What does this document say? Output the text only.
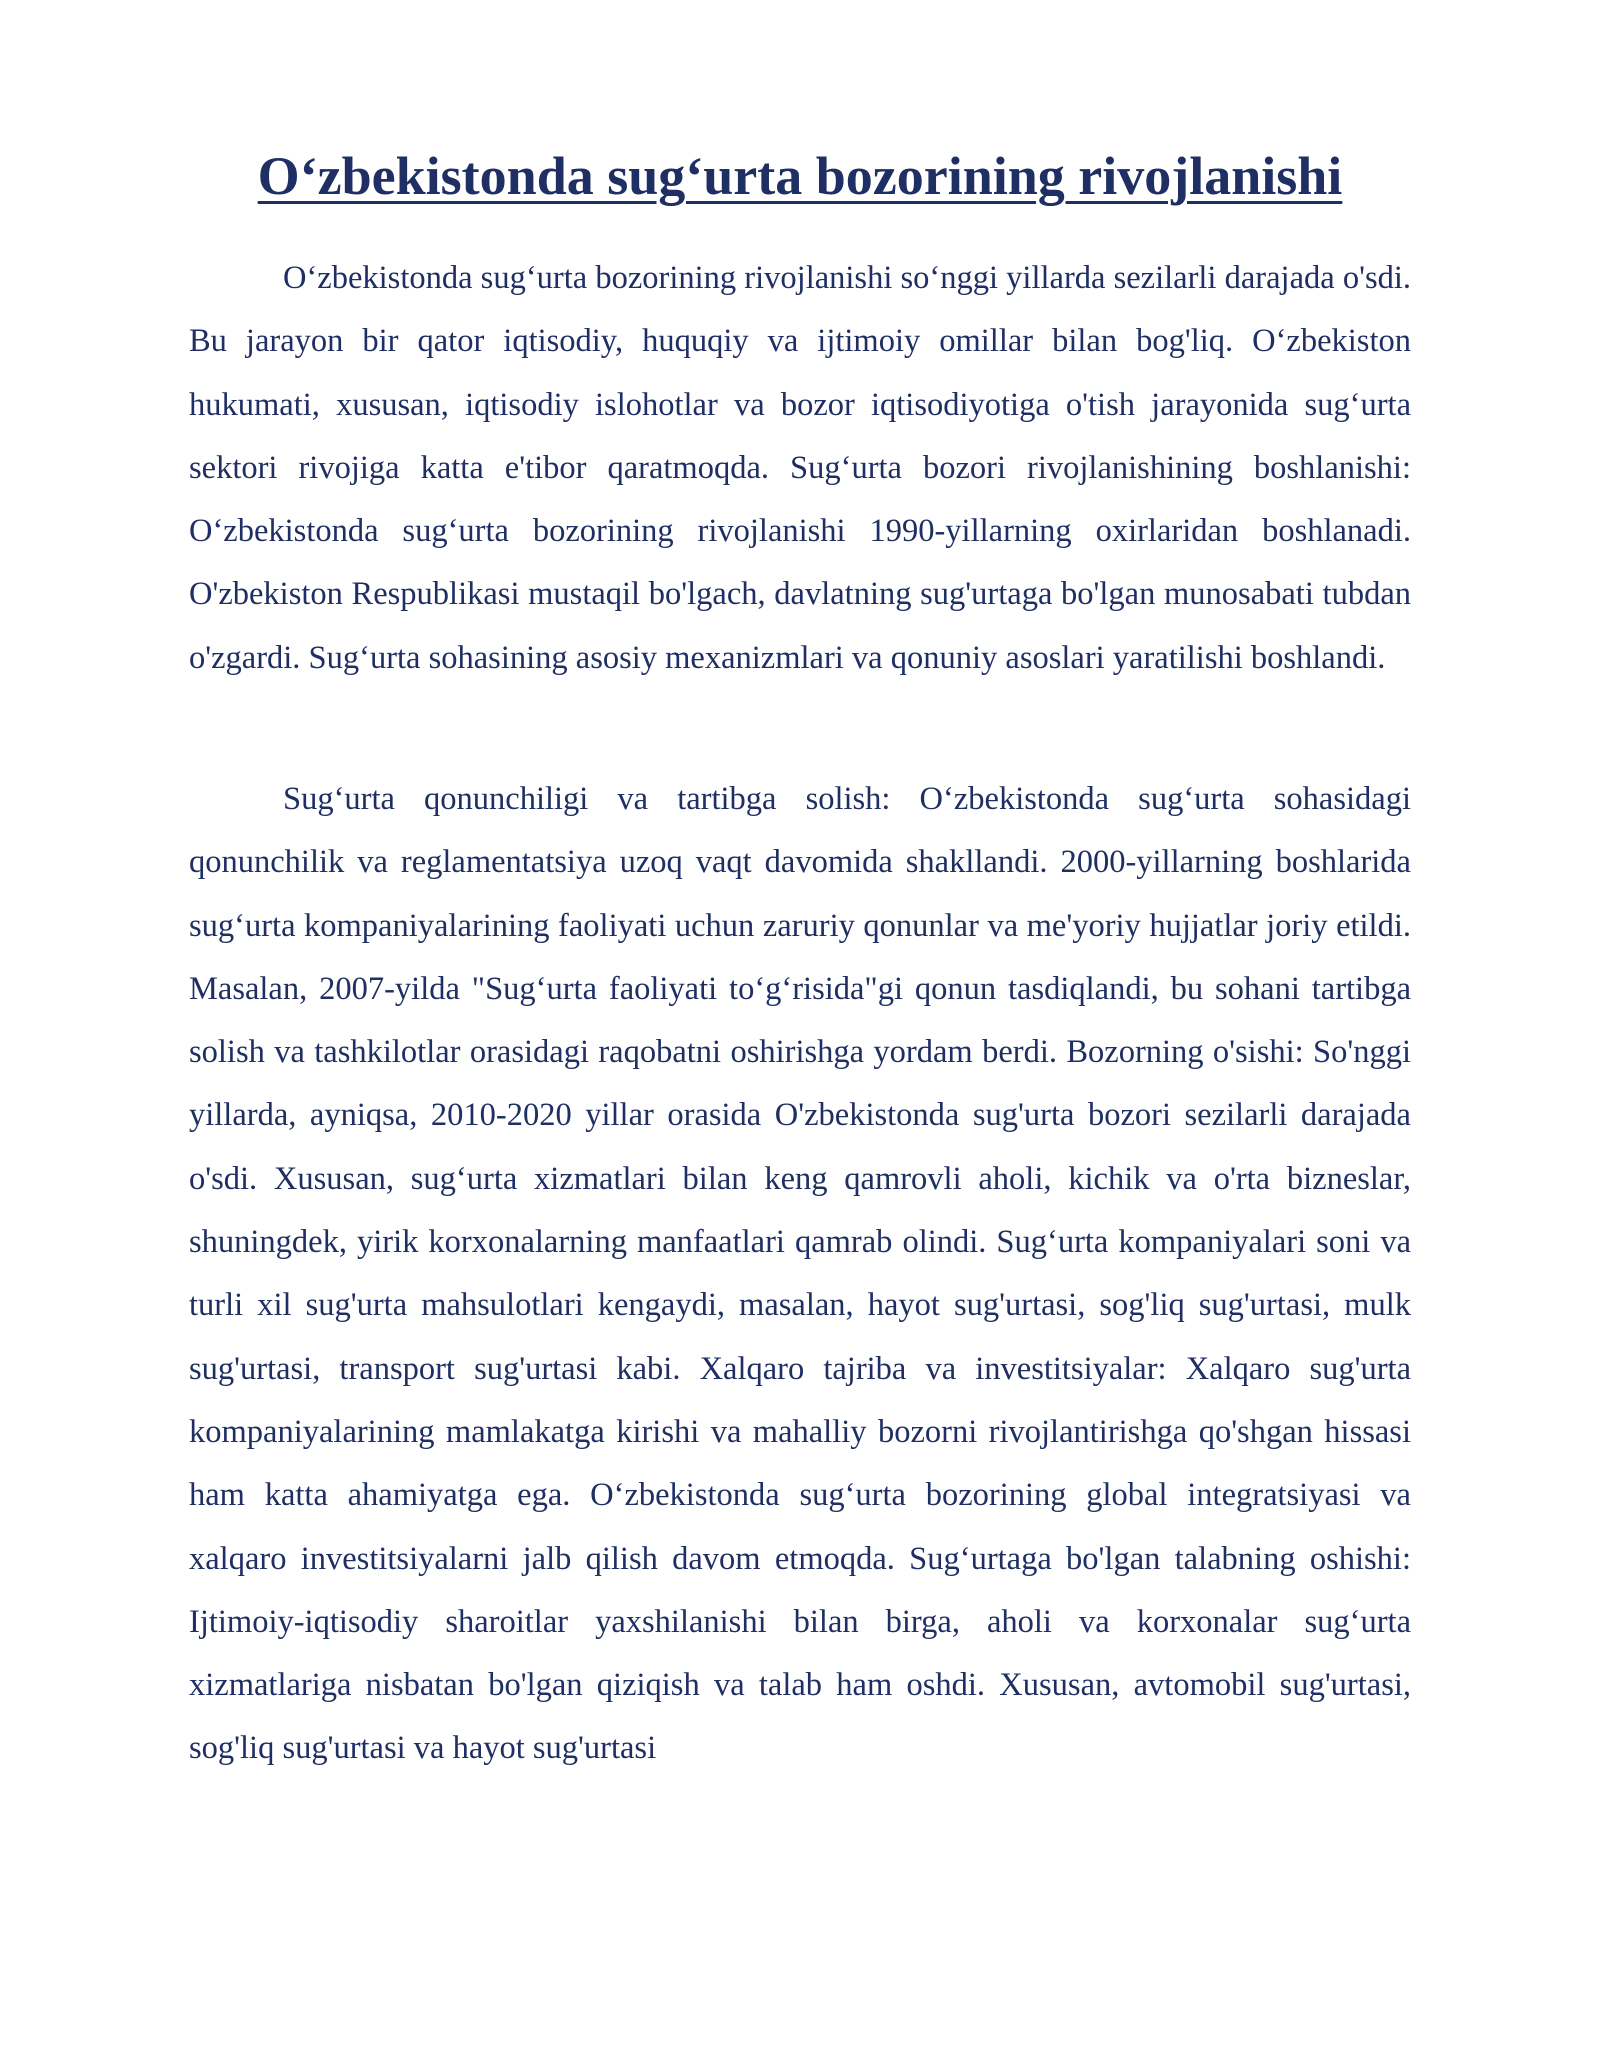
O‘zbekistonda sug‘urta bozorining rivojlanishi

O‘zbekistonda sug‘urta bozorining rivojlanishi so‘nggi yillarda sezilarli darajada o'sdi. Bu jarayon bir qator iqtisodiy, huquqiy va ijtimoiy omillar bilan bog'liq. O‘zbekiston hukumati, xususan, iqtisodiy islohotlar va bozor iqtisodiyotiga o'tish jarayonida sug‘urta sektori rivojiga katta e'tibor qaratmoqda. Sug‘urta bozori rivojlanishining boshlanishi: O‘zbekistonda sug‘urta bozorining rivojlanishi 1990-yillarning oxirlaridan boshlanadi. O'zbekiston Respublikasi mustaqil bo'lgach, davlatning sug'urtaga bo'lgan munosabati tubdan o'zgardi. Sug‘urta sohasining asosiy mexanizmlari va qonuniy asoslari yaratilishi boshlandi.

Sug‘urta qonunchiligi va tartibga solish: O‘zbekistonda sug‘urta sohasidagi qonunchilik va reglamentatsiya uzoq vaqt davomida shakllandi. 2000-yillarning boshlarida sug‘urta kompaniyalarining faoliyati uchun zaruriy qonunlar va me'yoriy hujjatlar joriy etildi. Masalan, 2007-yilda "Sug‘urta faoliyati to‘g‘risida"gi qonun tasdiqlandi, bu sohani tartibga solish va tashkilotlar orasidagi raqobatni oshirishga yordam berdi. Bozorning o'sishi: So'nggi yillarda, ayniqsa, 2010-2020 yillar orasida O'zbekistonda sug'urta bozori sezilarli darajada o'sdi. Xususan, sug‘urta xizmatlari bilan keng qamrovli aholi, kichik va o'rta bizneslar, shuningdek, yirik korxonalarning manfaatlari qamrab olindi. Sug‘urta kompaniyalari soni va turli xil sug'urta mahsulotlari kengaydi, masalan, hayot sug'urtasi, sog'liq sug'urtasi, mulk sug'urtasi, transport sug'urtasi kabi. Xalqaro tajriba va investitsiyalar: Xalqaro sug'urta kompaniyalarining mamlakatga kirishi va mahalliy bozorni rivojlantirishga qo'shgan hissasi ham katta ahamiyatga ega. O‘zbekistonda sug‘urta bozorining global integratsiyasi va xalqaro investitsiyalarni jalb qilish davom etmoqda. Sug‘urtaga bo'lgan talabning oshishi: Ijtimoiy-iqtisodiy sharoitlar yaxshilanishi bilan birga, aholi va korxonalar sug‘urta xizmatlariga nisbatan bo'lgan qiziqish va talab ham oshdi. Xususan, avtomobil sug'urtasi, sog'liq sug'urtasi va hayot sug'urtasi
